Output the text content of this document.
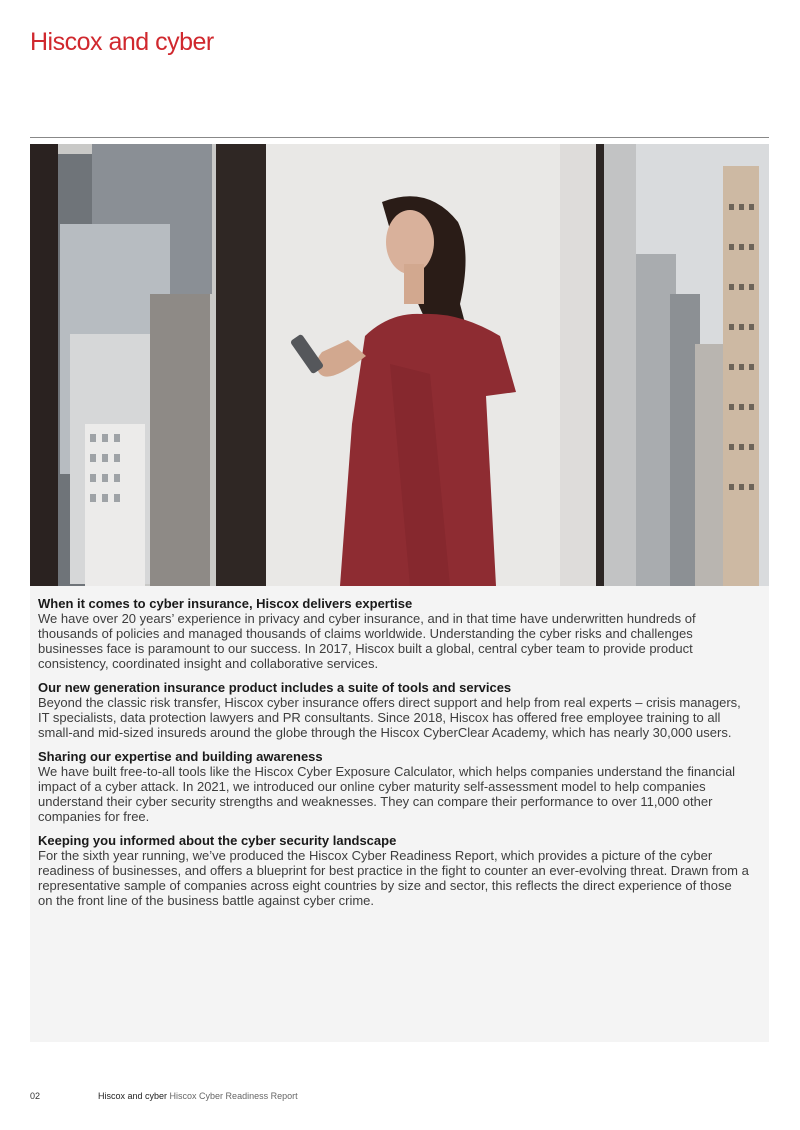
Hiscox and cyber
When it comes to cyber insurance, Hiscox delivers expertise

We have over 20 years’ experience in privacy and cyber insurance, and in that time have underwritten hundreds of thousands of policies and managed thousands of claims worldwide. Understanding the cyber risks and challenges businesses face is paramount to our success. In 2017, Hiscox built a global, central cyber team to provide product consistency, coordinated insight and collaborative services.

Our new generation insurance product includes a suite of tools and services

Beyond the classic risk transfer, Hiscox cyber insurance offers direct support and help from real experts – crisis managers, IT specialists, data protection lawyers and PR consultants. Since 2018, Hiscox has offered free employee training to all small-and mid-sized insureds around the globe through the Hiscox CyberClear Academy, which has nearly 30,000 users.

Sharing our expertise and building awareness

We have built free-to-all tools like the Hiscox Cyber Exposure Calculator, which helps companies understand the financial impact of a cyber attack. In 2021, we introduced our online cyber maturity self-assessment model to help companies understand their cyber security strengths and weaknesses. They can compare their performance to over 11,000 other companies for free.

Keeping you informed about the cyber security landscape

For the sixth year running, we’ve produced the Hiscox Cyber Readiness Report, which provides a picture of the cyber readiness of businesses, and offers a blueprint for best practice in the fight to counter an ever-evolving threat. Drawn from a representative sample of companies across eight countries by size and sector, this reflects the direct experience of those on the front line of the business battle against cyber crime.

02	Hiscox and cyber Hiscox Cyber Readiness Report
